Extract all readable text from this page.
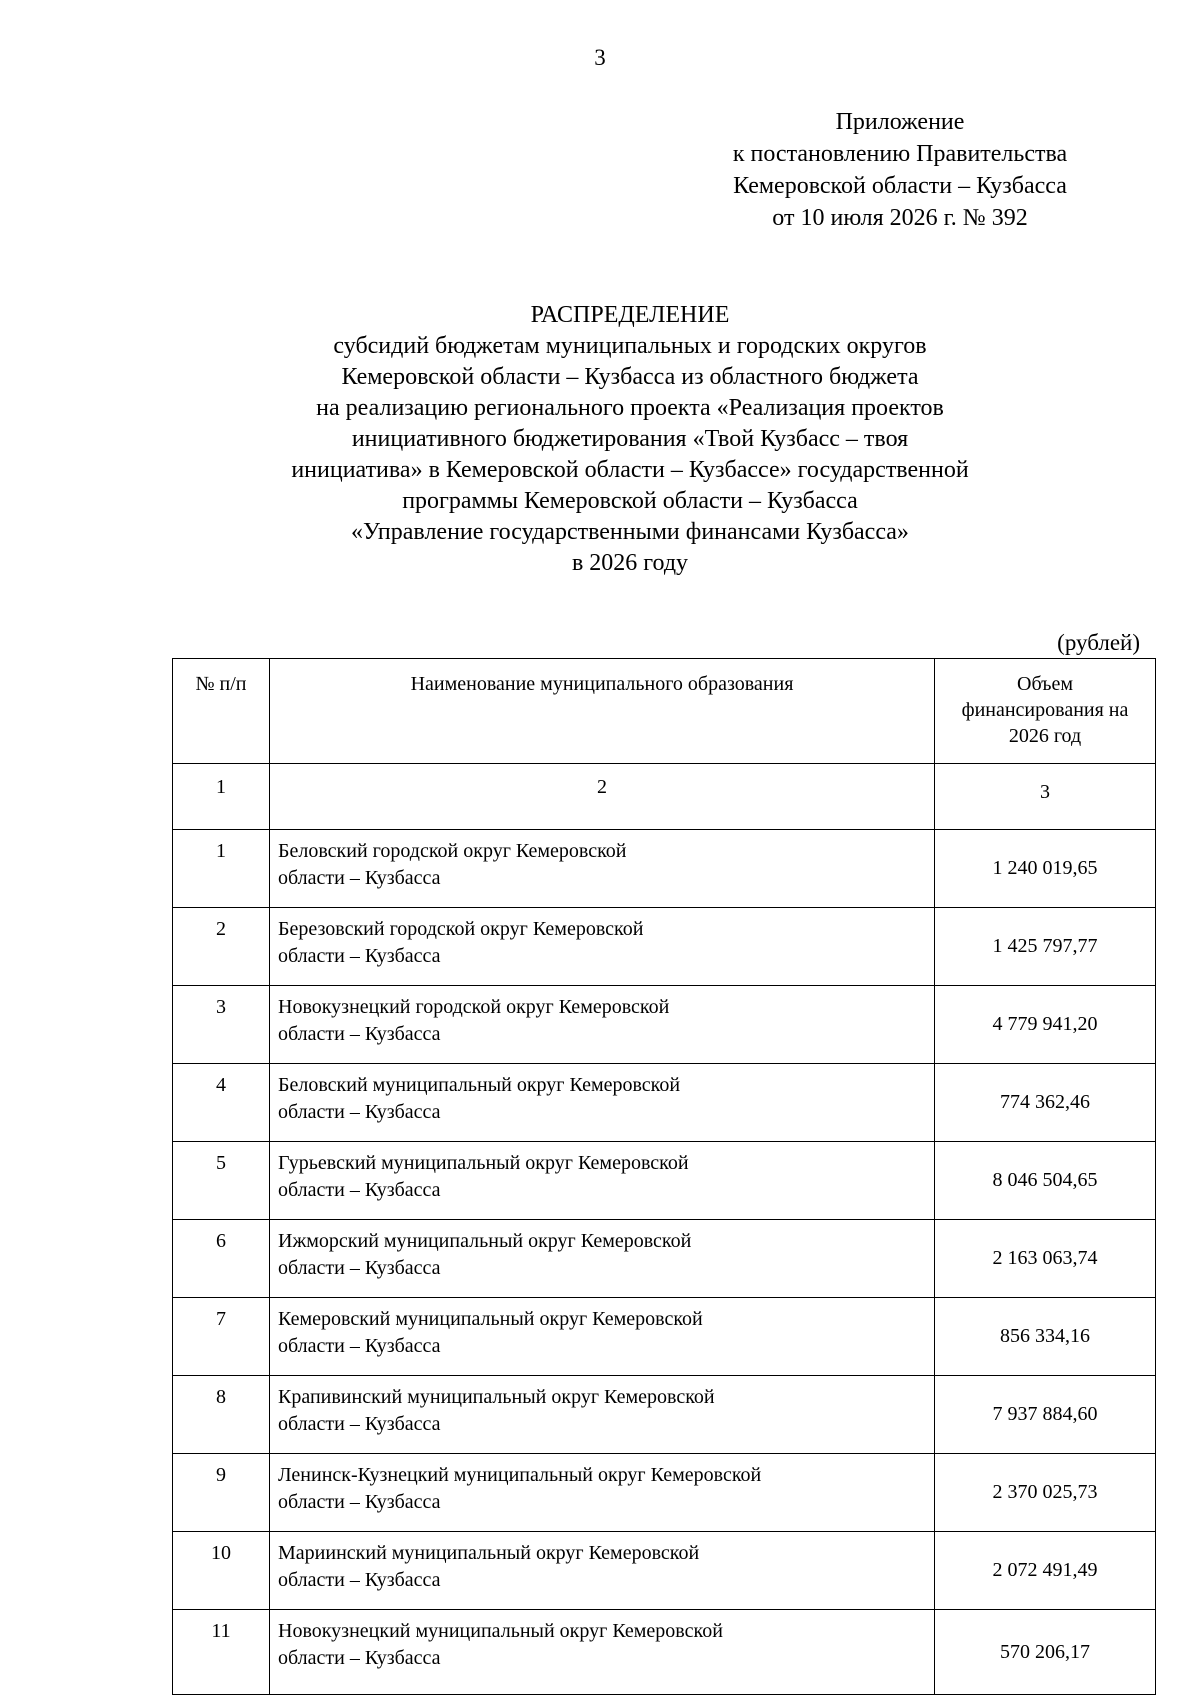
3
Приложение
к постановлению Правительства
Кемеровской области – Кузбасса
от 10 июля 2026 г. № 392
РАСПРЕДЕЛЕНИЕ
субсидий бюджетам муниципальных и городских округов
Кемеровской области – Кузбасса из областного бюджета
на реализацию регионального проекта «Реализация проектов
инициативного бюджетирования «Твой Кузбасс – твоя
инициатива» в Кемеровской области – Кузбассе» государственной
программы Кемеровской области – Кузбасса
«Управление государственными финансами Кузбасса»
в 2026 году
(рублей)
№ п/п	Наименование муниципального образования	Объем
финансирования на
2026 год

1	2	3
1	Беловский городской округ Кемеровской
области – Кузбасса	1 240 019,65
2	Березовский городской округ Кемеровской
области – Кузбасса	1 425 797,77
3	Новокузнецкий городской округ Кемеровской
области – Кузбасса	4 779 941,20
4	Беловский муниципальный округ Кемеровской
области – Кузбасса	774 362,46
5	Гурьевский муниципальный округ Кемеровской
области – Кузбасса	8 046 504,65
6	Ижморский муниципальный округ Кемеровской
области – Кузбасса	2 163 063,74
7	Кемеровский муниципальный округ Кемеровской
области – Кузбасса	856 334,16
8	Крапивинский муниципальный округ Кемеровской
области – Кузбасса	7 937 884,60
9	Ленинск-Кузнецкий муниципальный округ Кемеровской
области – Кузбасса	2 370 025,73
10	Мариинский муниципальный округ Кемеровской
области – Кузбасса	2 072 491,49
11	Новокузнецкий муниципальный округ Кемеровской
области – Кузбасса	570 206,17
